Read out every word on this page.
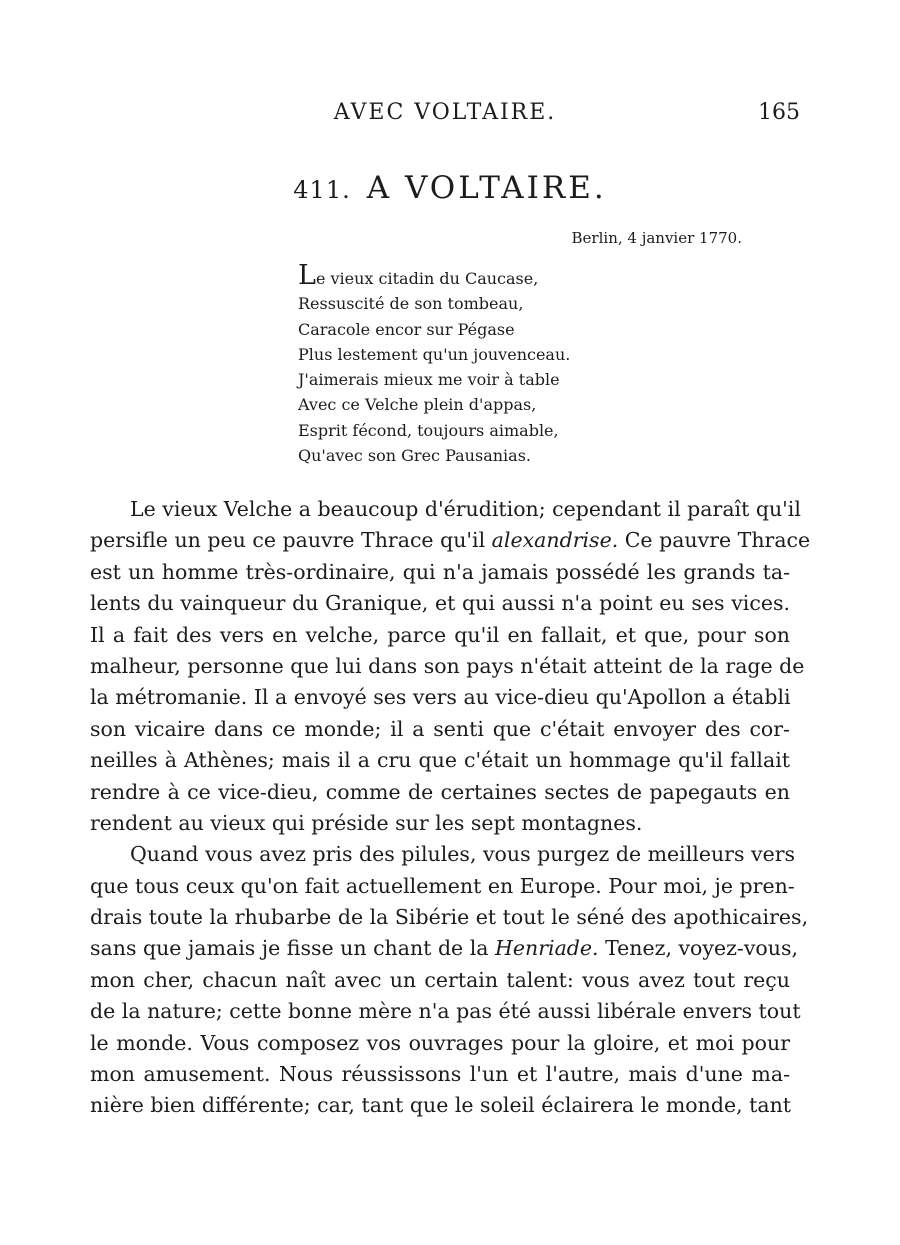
AVEC VOLTAIRE.	165
411. A VOLTAIRE.
Berlin, 4 janvier 1770.
Le vieux citadin du Caucase,
Ressuscité de son tombeau,
Caracole encor sur Pégase
Plus lestement qu'un jouvenceau.
J'aimerais mieux me voir à table
Avec ce Velche plein d'appas,
Esprit fécond, toujours aimable,
Qu'avec son Grec Pausanias.
Le vieux Velche a beaucoup d'érudition; cependant il paraît qu'il
persifle un peu ce pauvre Thrace qu'il alexandrise. Ce pauvre Thrace
est un homme très-ordinaire, qui n'a jamais possédé les grands ta-
lents du vainqueur du Granique, et qui aussi n'a point eu ses vices.
Il a fait des vers en velche, parce qu'il en fallait, et que, pour son
malheur, personne que lui dans son pays n'était atteint de la rage de
la métromanie. Il a envoyé ses vers au vice-dieu qu'Apollon a établi
son vicaire dans ce monde; il a senti que c'était envoyer des cor-
neilles à Athènes; mais il a cru que c'était un hommage qu'il fallait
rendre à ce vice-dieu, comme de certaines sectes de papegauts en
rendent au vieux qui préside sur les sept montagnes.
Quand vous avez pris des pilules, vous purgez de meilleurs vers
que tous ceux qu'on fait actuellement en Europe. Pour moi, je pren-
drais toute la rhubarbe de la Sibérie et tout le séné des apothicaires,
sans que jamais je fisse un chant de la Henriade. Tenez, voyez-vous,
mon cher, chacun naît avec un certain talent: vous avez tout reçu
de la nature; cette bonne mère n'a pas été aussi libérale envers tout
le monde. Vous composez vos ouvrages pour la gloire, et moi pour
mon amusement. Nous réussissons l'un et l'autre, mais d'une ma-
nière bien différente; car, tant que le soleil éclairera le monde, tant
